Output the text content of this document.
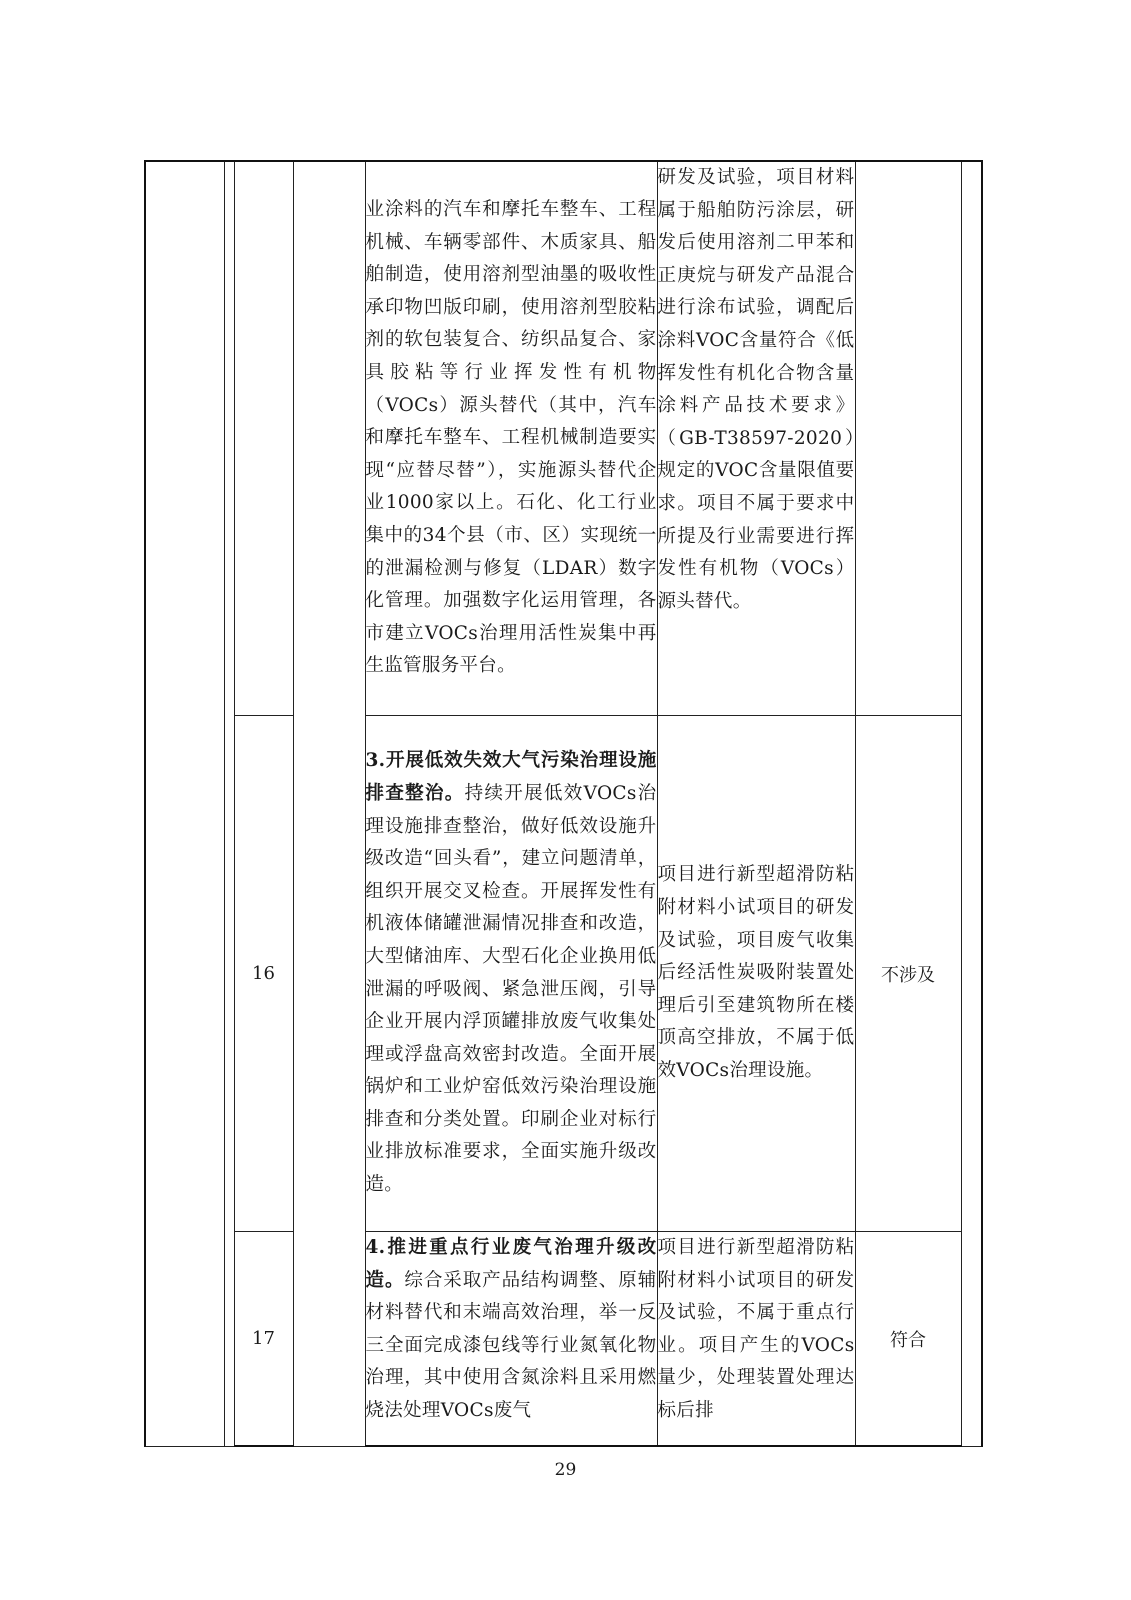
				业涂料的汽车和摩托车整车、工程机械、车辆零部件、木质家具、船舶制造，使用溶剂型油墨的吸收性承印物凹版印刷，使用溶剂型胶粘剂的软包装复合、纺织品复合、家具胶粘等行业挥发性有机物（VOCs）源头替代（其中，汽车和摩托车整车、工程机械制造要实现“应替尽替”），实施源头替代企业1000家以上。石化、化工行业集中的34个县（市、区）实现统一的泄漏检测与修复（LDAR）数字化管理。加强数字化运用管理，各市建立VOCs治理用活性炭集中再生监管服务平台。	研发及试验，项目材料属于船舶防污涂层，研发后使用溶剂二甲苯和正庚烷与研发产品混合进行涂布试验，调配后涂料VOC含量符合《低挥发性有机化合物含量涂料产品技术要求》（GB-T38597-2020）规定的VOC含量限值要求。项目不属于要求中所提及行业需要进行挥发性有机物（VOCs）源头替代。		
		16		3.开展低效失效大气污染治理设施排查整治。持续开展低效VOCs治理设施排查整治，做好低效设施升级改造“回头看”，建立问题清单，组织开展交叉检查。开展挥发性有机液体储罐泄漏情况排查和改造，大型储油库、大型石化企业换用低泄漏的呼吸阀、紧急泄压阀，引导企业开展内浮顶罐排放废气收集处理或浮盘高效密封改造。全面开展锅炉和工业炉窑低效污染治理设施排查和分类处置。印刷企业对标行业排放标准要求，全面实施升级改造。	项目进行新型超滑防粘附材料小试项目的研发及试验，项目废气收集后经活性炭吸附装置处理后引至建筑物所在楼顶高空排放，不属于低效VOCs治理设施。	不涉及	
		17		4.推进重点行业废气治理升级改造。综合采取产品结构调整、原辅材料替代和末端高效治理，举一反三全面完成漆包线等行业氮氧化物治理，其中使用含氮涂料且采用燃烧法处理VOCs废气	项目进行新型超滑防粘附材料小试项目的研发及试验，不属于重点行业。项目产生的VOCs量少，处理装置处理达标后排	符合	
29
